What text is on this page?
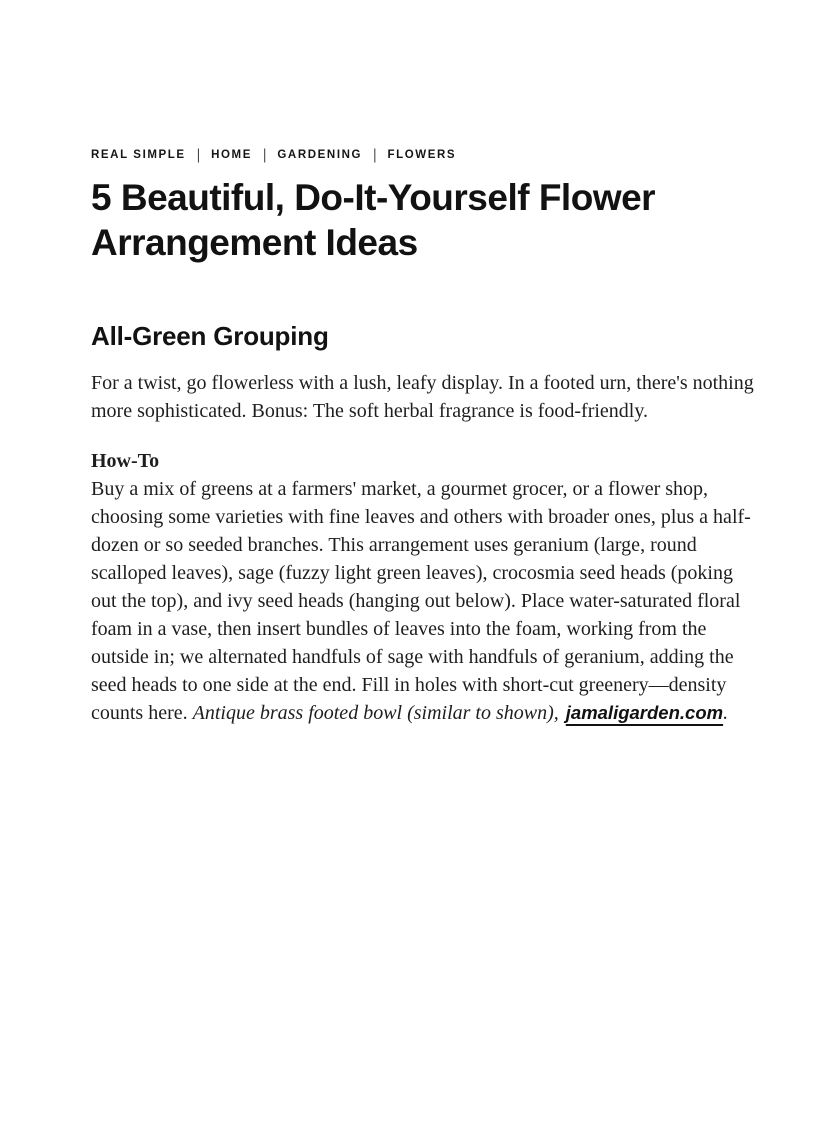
REAL SIMPLE | HOME | GARDENING | FLOWERS
5 Beautiful, Do-It-Yourself Flower
Arrangement Ideas
All-Green Grouping

For a twist, go flowerless with a lush, leafy display. In a footed urn, there's nothing more sophisticated. Bonus: The soft herbal fragrance is food-friendly.

How-To

Buy a mix of greens at a farmers' market, a gourmet grocer, or a flower shop, choosing some varieties with fine leaves and others with broader ones, plus a half-dozen or so seeded branches. This arrangement uses geranium (large, round scalloped leaves), sage (fuzzy light green leaves), crocosmia seed heads (poking out the top), and ivy seed heads (hanging out below). Place water-saturated floral foam in a vase, then insert bundles of leaves into the foam, working from the outside in; we alternated handfuls of sage with handfuls of geranium, adding the seed heads to one side at the end. Fill in holes with short-cut greenery—density counts here. Antique brass footed bowl (similar to shown), jamaligarden.com.
